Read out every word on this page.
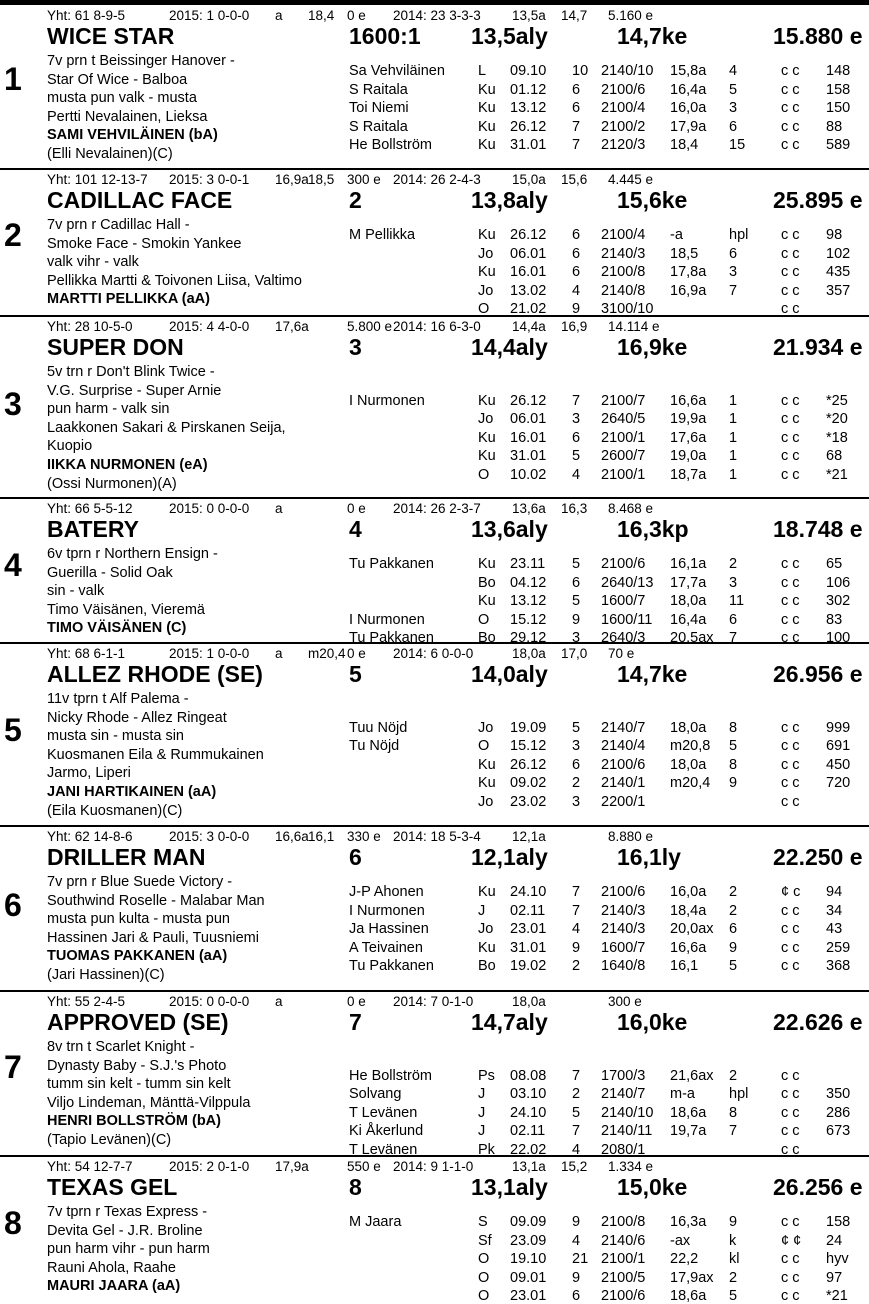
1
Yht: 61 8-9-5	2015: 1 0-0-0 a 18,4 0 e 2014: 23 3-3-3 13,5a 14,7 5.160 e
WICE STAR	1600:1 13,5aly	14,7ke	15.880 e
7v prn t Beissinger Hanover -
Star Of Wice - Balboa
musta pun valk - musta
Pertti Nevalainen, Lieksa
SAMI VEHVILÄINEN (bA)
(Elli Nevalainen)(C)
Sa Vehviläinen L 09.10 10 2140/10 15,8a 4	c c 148
S Raitala	Ku 01.12 6 2100/6 16,4a 5	c c 158
Toi Niemi	Ku 13.12 6 2100/4 16,0a 3	c c 150
S Raitala	Ku 26.12 7 2100/2 17,9a 6	c c 88
He Bollström	Ku 31.01 7 2120/3 18,4 15 c c 589
2
Yht: 101 12-13-7 2015: 3 0-0-1 16,9a 18,5 300 e 2014: 26 2-4-3 15,0a 15,6 4.445 e
CADILLAC FACE	2	13,8aly	15,6ke	25.895 e
7v prn r Cadillac Hall -
Smoke Face - Smokin Yankee
valk vihr - valk
Pellikka Martti & Toivonen Liisa, Valtimo
MARTTI PELLIKKA (aA)
M Pellikka	Ku 26.12 6 2100/4 -a	hpl c c 98
Jo 06.01 6 2140/3 18,5 6	c c 102
Ku 16.01 6 2100/8 17,8a 3	c c 435
Jo 13.02 4 2140/8 16,9a 7	c c 357
O 21.02 9 3100/10	c c
3
Yht: 28 10-5-0	2015: 4 4-0-0 17,6a	5.800 e 2014: 16 6-3-0 14,4a 16,9 14.114 e
SUPER DON	3	14,4aly	16,9ke	21.934 e
5v trn r Don't Blink Twice -
V.G. Surprise - Super Arnie
pun harm - valk sin
Laakkonen Sakari & Pirskanen Seija,
Kuopio
IIKKA NURMONEN (eA)
(Ossi Nurmonen)(A)
I Nurmonen	Ku 26.12 7 2100/7 16,6a 1	c c *25
Jo 06.01 3 2640/5 19,9a 1	c c *20
Ku 16.01 6 2100/1 17,6a 1	c c *18
Ku 31.01 5 2600/7 19,0a 1	c c 68
O 10.02 4 2100/1 18,7a 1	c c *21
4
Yht: 66 5-5-12	2015: 0 0-0-0 a	0 e 2014: 26 2-3-7 13,6a 16,3 8.468 e
BATERY	4	13,6aly	16,3kp	18.748 e
6v tprn r Northern Ensign -
Guerilla - Solid Oak
sin - valk
Timo Väisänen, Vieremä
TIMO VÄISÄNEN (C)
Tu Pakkanen	Ku 23.11 5 2100/6 16,1a 2	c c 65
Bo 04.12 6 2640/13 17,7a 3	c c 106
Ku 13.12 5 1600/7 18,0a 11	c c 302
I Nurmonen	O 15.12 9 1600/11 16,4a 6	c c 83
Tu Pakkanen	Bo 29.12 3 2640/3 20,5ax 7	c c 100
5
Yht: 68 6-1-1	2015: 1 0-0-0 a m20,4 0 e 2014: 6 0-0-0	18,0a 17,0 70 e
ALLEZ RHODE (SE)	5	14,0aly	14,7ke	26.956 e
11v tprn t Alf Palema -
Nicky Rhode - Allez Ringeat
musta sin - musta sin
Kuosmanen Eila & Rummukainen
Jarmo, Liperi
JANI HARTIKAINEN (aA)
(Eila Kuosmanen)(C)
Tuu Nöjd	Jo 19.09 5 2140/7 18,0a 8	c c 999
Tu Nöjd	O 15.12 3 2140/4 m20,8 5	c c 691
Ku 26.12 6 2100/6 18,0a 8	c c 450
Ku 09.02 2 2140/1 m20,4 9	c c 720
Jo 23.02 3 2200/1	c c
6
Yht: 62 14-8-6	2015: 3 0-0-0 16,6a 16,1 330 e 2014: 18 5-3-4 12,1a	8.880 e
DRILLER MAN	6	12,1aly	16,1ly	22.250 e
7v prn r Blue Suede Victory -
Southwind Roselle - Malabar Man
musta pun kulta - musta pun
Hassinen Jari & Pauli, Tuusniemi
TUOMAS PAKKANEN (aA)
(Jari Hassinen)(C)
J-P Ahonen	Ku 24.10 7 2100/6 16,0a 2	¢ c 94
I Nurmonen	J 02.11 7 2140/3 18,4a 2	c c 34
Ja Hassinen	Jo 23.01 4 2140/3 20,0ax 6	c c 43
A Teivainen	Ku 31.01 9 1600/7 16,6a 9	c c 259
Tu Pakkanen	Bo 19.02 2 1640/8 16,1 5	c c 368
7
Yht: 55 2-4-5	2015: 0 0-0-0 a	0 e 2014: 7 0-1-0	18,0a	300 e
APPROVED (SE)	7	14,7aly	16,0ke	22.626 e
8v trn t Scarlet Knight -
Dynasty Baby - S.J.'s Photo
tumm sin kelt - tumm sin kelt
Viljo Lindeman, Mänttä-Vilppula
HENRI BOLLSTRÖM (bA)
(Tapio Levänen)(C)
He Bollström	Ps 08.08 7 1700/3 21,6ax 2	c c
Solvang	J 03.10 2 2140/7 m-a hpl c c 350
T Levänen	J 24.10 5 2140/10 18,6a 8	c c 286
Ki Åkerlund	J 02.11 7 2140/11 19,7a 7	c c 673
T Levänen	Pk 22.02 4 2080/1	c c
8
Yht: 54 12-7-7	2015: 2 0-1-0 17,9a	550 e 2014: 9 1-1-0	13,1a 15,2 1.334 e
TEXAS GEL	8	13,1aly	15,0ke	26.256 e
7v tprn r Texas Express -
Devita Gel - J.R. Broline
pun harm vihr - pun harm
Rauni Ahola, Raahe
MAURI JAARA (aA)
M Jaara	S 09.09 9 2100/8 16,3a 9	c c 158
Sf 23.09 4 2140/6 -ax	k	¢ ¢ 24
O 19.10 21 2100/1 22,2 kl	c c hyv
O 09.01 9 2100/5 17,9ax 2	c c 97
O 23.01 6 2100/6 18,6a 5	c c *21
